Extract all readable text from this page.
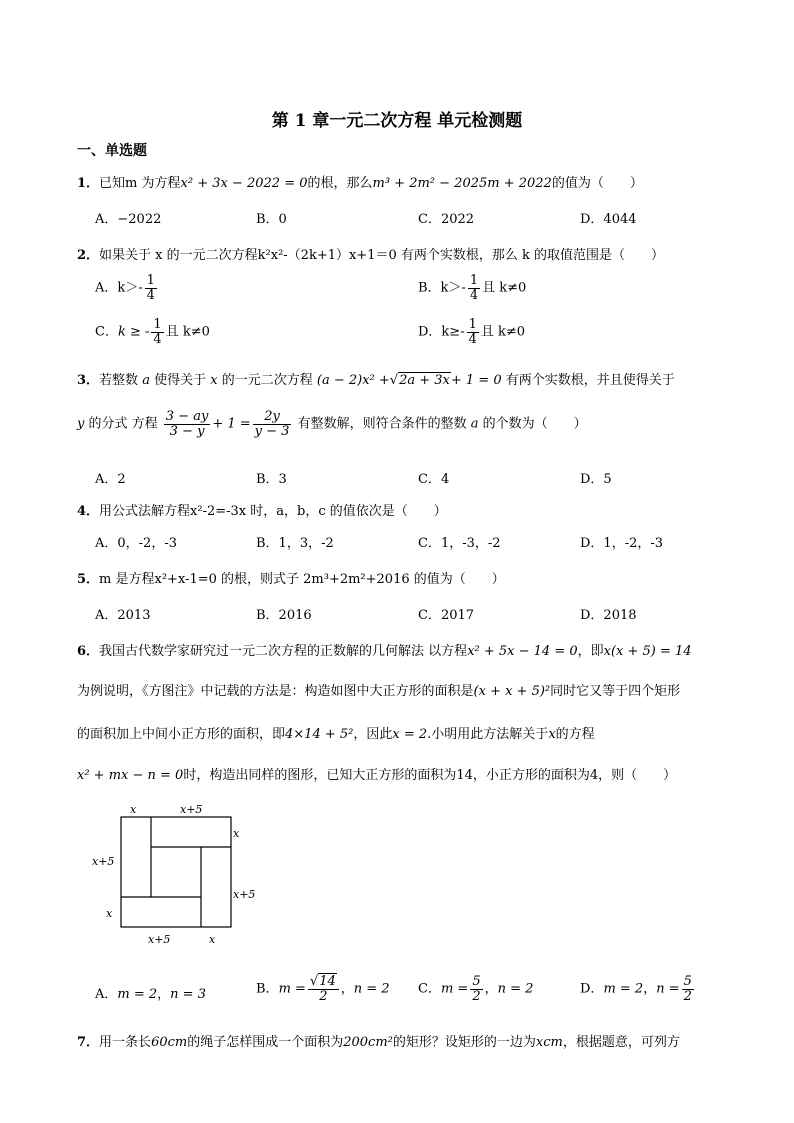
第 1 章一元二次方程 单元检测题
一、单选题
1．已知m 为方程x² + 3x − 2022 = 0的根，那么m³ + 2m² − 2025m + 2022的值为（　　）
A．−2022	B．0	C．2022	D．4044
2．如果关于 x 的一元二次方程k²x²-（2k+1）x+1＝0 有两个实数根，那么 k 的取值范围是（　　）
A．$k>- \frac{1}{4}$	B．$k>- \frac{1}{4}$ 且 k≠0
C．k ≥ - $\frac{1}{4}$ 且 k≠0	D．$k\ge- \frac{1}{4}$ 且 k≠0
3．若整数 a 使得关于 x 的一元二次方程 (a − 2)x² +√2a + 3x+ 1 = 0 有两个实数根，并且使得关于
y 的分式 方程 $\frac{3 - ay}{3 - y} + 1 = \frac{2y}{y - 3}$ 有整数解，则符合条件的整数 a 的个数为（　　）
A．2	B．3	C．4	D．5
4．用公式法解方程x²-2=-3x 时，a，b，c 的值依次是（　　）
A．0，-2，-3	B．1，3，-2	C．1，-3，-2	D．1，-2，-3
5．m 是方程x²+x-1=0 的根，则式子 2m³+2m²+2016 的值为（　　）
A．2013	B．2016	C．2017	D．2018
6．我国古代数学家研究过一元二次方程的正数解的几何解法 以方程x² + 5x − 14 = 0，即x(x + 5) = 14
为例说明，《方图注》中记载的方法是：构造如图中大正方形的面积是(x + x + 5)²同时它又等于四个矩形
的面积加上中间小正方形的面积，即4×14 + 5²，因此x = 2.小明用此方法解关于x的方程
x² + mx − n = 0时，构造出同样的图形，已知大正方形的面积为14，小正方形的面积为4，则（　　）
x	x+5
x
x+5
x+5
x
x+5	x
A．m = 2，n = 3	B．$m = \frac{√14}{2}$ ，n = 2 C．$m = \frac{5}{2}$ ，n = 2	D．m = 2，$n = \frac{5}{2}$
7．用一条长60cm的绳子怎样围成一个面积为200cm²的矩形？设矩形的一边为xcm，根据题意，可列方
